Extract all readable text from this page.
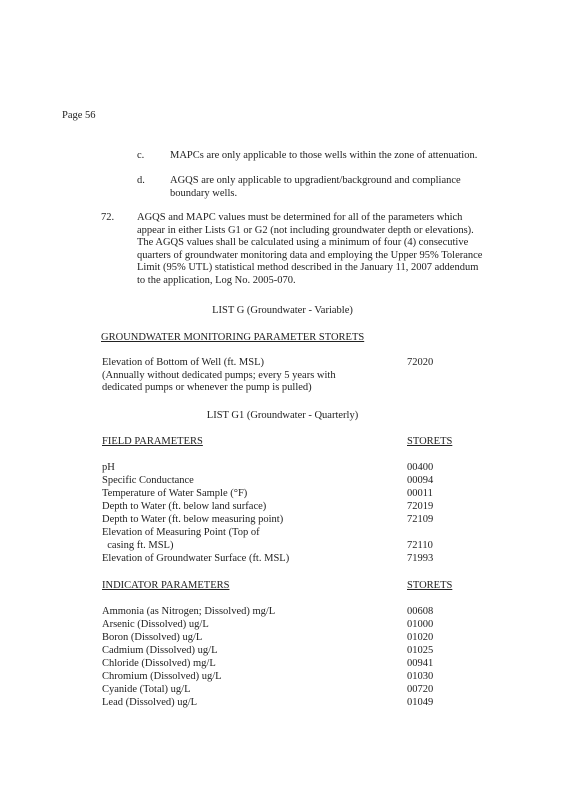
Page 56
c. MAPCs are only applicable to those wells within the zone of attenuation.
d. AGQS are only applicable to upgradient/background and compliance
boundary wells.
72. AGQS and MAPC values must be determined for all of the parameters which
appear in either Lists G1 or G2 (not including groundwater depth or elevations).
The AGQS values shall be calculated using a minimum of four (4) consecutive
quarters of groundwater monitoring data and employing the Upper 95% Tolerance
Limit (95% UTL) statistical method described in the January 11, 2007 addendum
to the application, Log No. 2005-070.
LIST G (Groundwater - Variable)
GROUNDWATER MONITORING PARAMETER STORETS
Elevation of Bottom of Well (ft. MSL)
(Annually without dedicated pumps; every 5 years with
dedicated pumps or whenever the pump is pulled)
72020
LIST G1 (Groundwater - Quarterly)
FIELD PARAMETERS	STORETS
pH	00400
Specific Conductance	00094
Temperature of Water Sample (°F)	00011
Depth to Water (ft. below land surface)	72019
Depth to Water (ft. below measuring point)	72109
Elevation of Measuring Point (Top of
casing ft. MSL)	72110
Elevation of Groundwater Surface (ft. MSL)	71993
INDICATOR PARAMETERS	STORETS
Ammonia (as Nitrogen; Dissolved) mg/L	00608
Arsenic (Dissolved) ug/L	01000
Boron (Dissolved) ug/L	01020
Cadmium (Dissolved) ug/L	01025
Chloride (Dissolved) mg/L	00941
Chromium (Dissolved) ug/L	01030
Cyanide (Total) ug/L	00720
Lead (Dissolved) ug/L	01049
